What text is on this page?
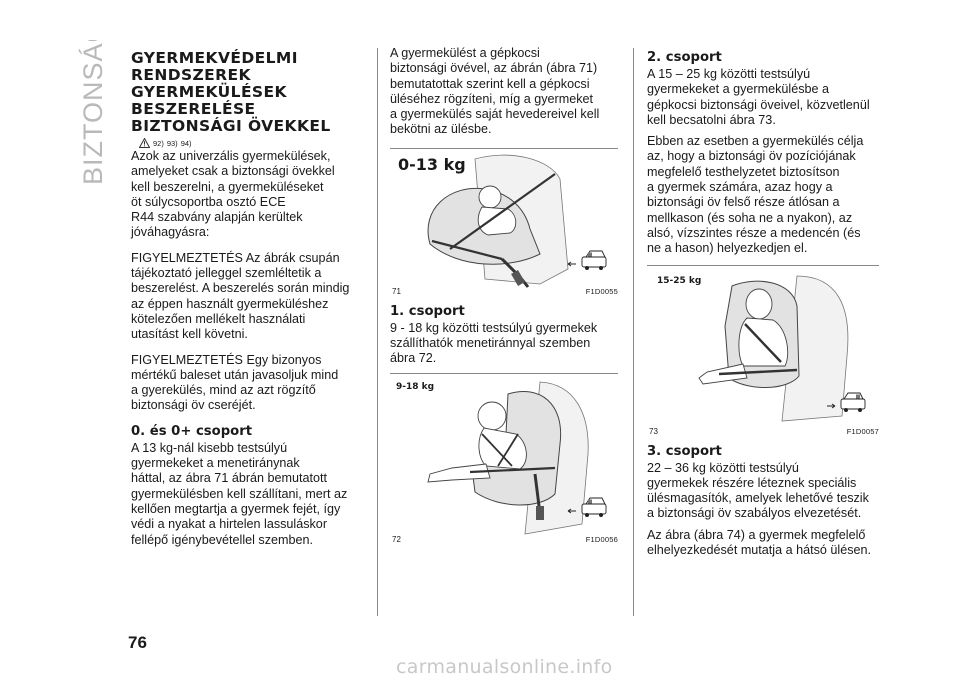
BIZTONSÁG GYERMEKVÉDELMI
RENDSZEREK
GYERMEKÜLÉSEK
BESZERELÉSE
BIZTONSÁGI ÖVEKKEL
92) 93) 94)

Azok az univerzális gyermekülések,
amelyeket csak a biztonsági övekkel
kell beszerelni, a gyermeküléseket
öt súlycsoportba osztó ECE
R44 szabvány alapján kerültek
jóváhagyásra:

FIGYELMEZTETÉS Az ábrák csupán
tájékoztató jelleggel szemléltetik a
beszerelést. A beszerelés során mindig
az éppen használt gyermeküléshez
kötelezően mellékelt használati
utasítást kell követni.

FIGYELMEZTETÉS Egy bizonyos
mértékű baleset után javasoljuk mind
a gyerekülés, mind az azt rögzítő
biztonsági öv cseréjét.

0. és 0+ csoport

A 13 kg-nál kisebb testsúlyú
gyermekeket a menetiránynak
háttal, az ábra 71 ábrán bemutatott
gyermekülésben kell szállítani, mert az
kellően megtartja a gyermek fejét, így
védi a nyakat a hirtelen lassuláskor
fellépő igénybevétellel szemben.

A gyermekülést a gépkocsi
biztonsági övével, az ábrán (ábra 71)
bemutatottak szerint kell a gépkocsi
üléséhez rögzíteni, míg a gyermeket
a gyermekülés saját hevedereivel kell
bekötni az ülésbe.

0-13 kg
71	F1D0055
1. csoport

9 - 18 kg közötti testsúlyú gyermekek
szállíthatók menetiránnyal szemben
ábra 72.

9-18 kg
72	F1D0056
2. csoport

A 15 – 25 kg közötti testsúlyú
gyermekeket a gyermekülésbe a
gépkocsi biztonsági öveivel, közvetlenül
kell becsatolni ábra 73.

Ebben az esetben a gyermekülés célja
az, hogy a biztonsági öv pozíciójának
megfelelő testhelyzetet biztosítson
a gyermek számára, azaz hogy a
biztonsági öv felső része átlósan a
mellkason (és soha ne a nyakon), az
alsó, vízszintes része a medencén (és
ne a hason) helyezkedjen el.

15-25 kg
73	F1D0057
3. csoport

22 – 36 kg közötti testsúlyú
gyermekek részére léteznek speciális
ülésmagasítók, amelyek lehetővé teszik
a biztonsági öv szabályos elvezetését.

Az ábra (ábra 74) a gyermek megfelelő
elhelyezkedését mutatja a hátsó ülésen.

76
carmanualsonline.info
